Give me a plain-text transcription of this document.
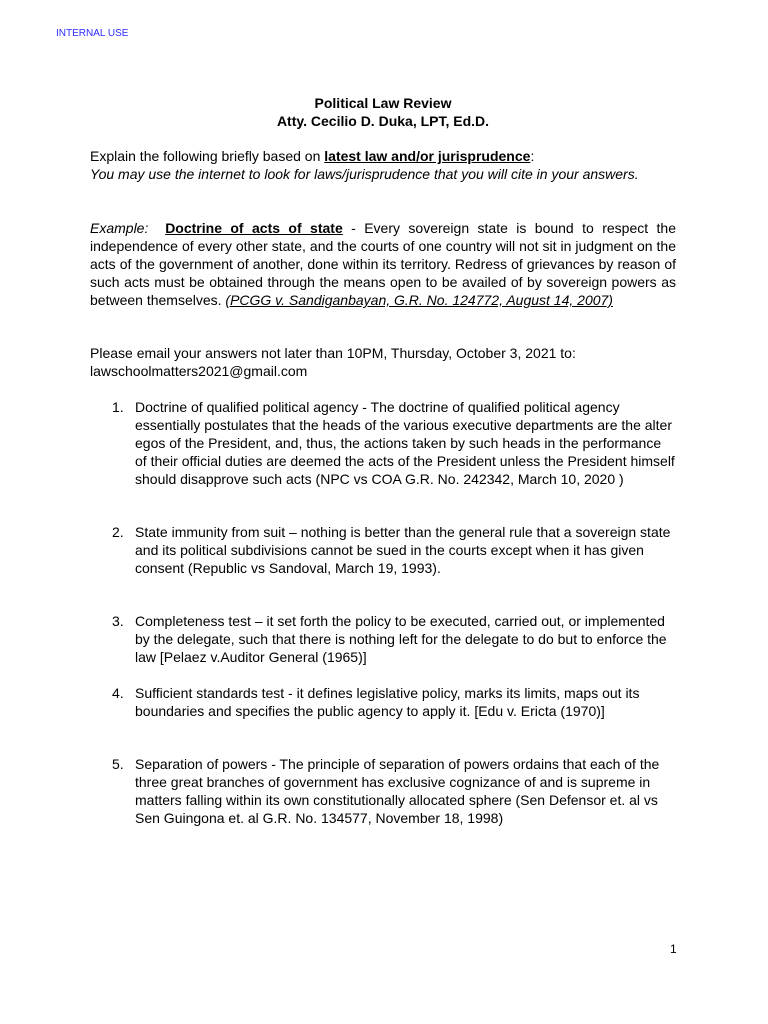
INTERNAL USE
Political Law Review
Atty. Cecilio D. Duka, LPT, Ed.D.
Explain the following briefly based on latest law and/or jurisprudence:
You may use the internet to look for laws/jurisprudence that you will cite in your answers.
Example: Doctrine of acts of state - Every sovereign state is bound to respect the independence of every other state, and the courts of one country will not sit in judgment on the acts of the government of another, done within its territory. Redress of grievances by reason of such acts must be obtained through the means open to be availed of by sovereign powers as between themselves. (PCGG v. Sandiganbayan, G.R. No. 124772, August 14, 2007)
Please email your answers not later than 10PM, Thursday, October 3, 2021 to:
lawschoolmatters2021@gmail.com
1. Doctrine of qualified political agency - The doctrine of qualified political agency essentially postulates that the heads of the various executive departments are the alter egos of the President, and, thus, the actions taken by such heads in the performance of their official duties are deemed the acts of the President unless the President himself should disapprove such acts (NPC vs COA G.R. No. 242342, March 10, 2020 )
2. State immunity from suit – nothing is better than the general rule that a sovereign state and its political subdivisions cannot be sued in the courts except when it has given consent (Republic vs Sandoval, March 19, 1993).
3. Completeness test – it set forth the policy to be executed, carried out, or implemented by the delegate, such that there is nothing left for the delegate to do but to enforce the law [Pelaez v.Auditor General (1965)]
4. Sufficient standards test - it defines legislative policy, marks its limits, maps out its boundaries and specifies the public agency to apply it. [Edu v. Ericta (1970)]
5. Separation of powers - The principle of separation of powers ordains that each of the three great branches of government has exclusive cognizance of and is supreme in matters falling within its own constitutionally allocated sphere (Sen Defensor et. al vs Sen Guingona et. al G.R. No. 134577, November 18, 1998)
1
